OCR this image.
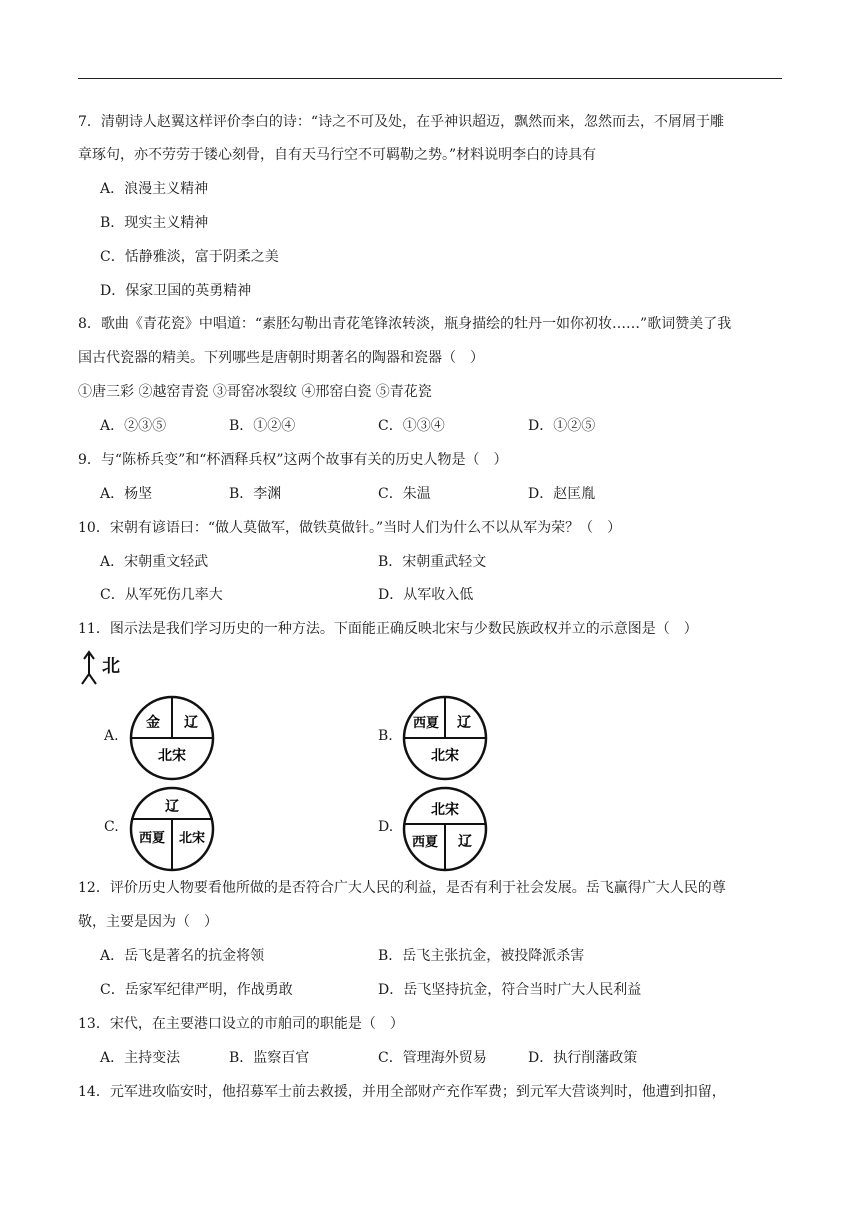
7．清朝诗人赵翼这样评价李白的诗：“诗之不可及处，在乎神识超迈，飘然而来，忽然而去，不屑屑于雕
章琢句，亦不劳劳于镂心刻骨，自有天马行空不可羁勒之势。”材料说明李白的诗具有
A．浪漫主义精神
B．现实主义精神
C．恬静雅淡，富于阴柔之美
D．保家卫国的英勇精神
8．歌曲《青花瓷》中唱道：“素胚勾勒出青花笔锋浓转淡，瓶身描绘的牡丹一如你初妆……”歌词赞美了我
国古代瓷器的精美。下列哪些是唐朝时期著名的陶器和瓷器（　）
①唐三彩 ②越窑青瓷 ③哥窑冰裂纹 ④邢窑白瓷 ⑤青花瓷
A．②③⑤	B．①②④	C．①③④	D．①②⑤
9．与“陈桥兵变”和“杯酒释兵权”这两个故事有关的历史人物是（　）
A．杨坚	B．李渊	C．朱温	D．赵匡胤
10．宋朝有谚语曰：“做人莫做军，做铁莫做针。”当时人们为什么不以从军为荣？（　）
A．宋朝重文轻武	B．宋朝重武轻文
C．从军死伤几率大	D．从军收入低
11．图示法是我们学习历史的一种方法。下面能正确反映北宋与少数民族政权并立的示意图是（　）
北
A.
金 辽
北宋
B.
西夏 辽
北宋
C.
辽
西夏 北宋
D.
北宋
西夏 辽
12．评价历史人物要看他所做的是否符合广大人民的利益，是否有利于社会发展。岳飞赢得广大人民的尊
敬，主要是因为（　）
A．岳飞是著名的抗金将领	B．岳飞主张抗金，被投降派杀害
C．岳家军纪律严明，作战勇敢	D．岳飞坚持抗金，符合当时广大人民利益
13．宋代，在主要港口设立的市舶司的职能是（　）
A．主持变法	B．监察百官	C．管理海外贸易	D．执行削藩政策
14．元军进攻临安时，他招募军士前去救援，并用全部财产充作军费；到元军大营谈判时，他遭到扣留，
